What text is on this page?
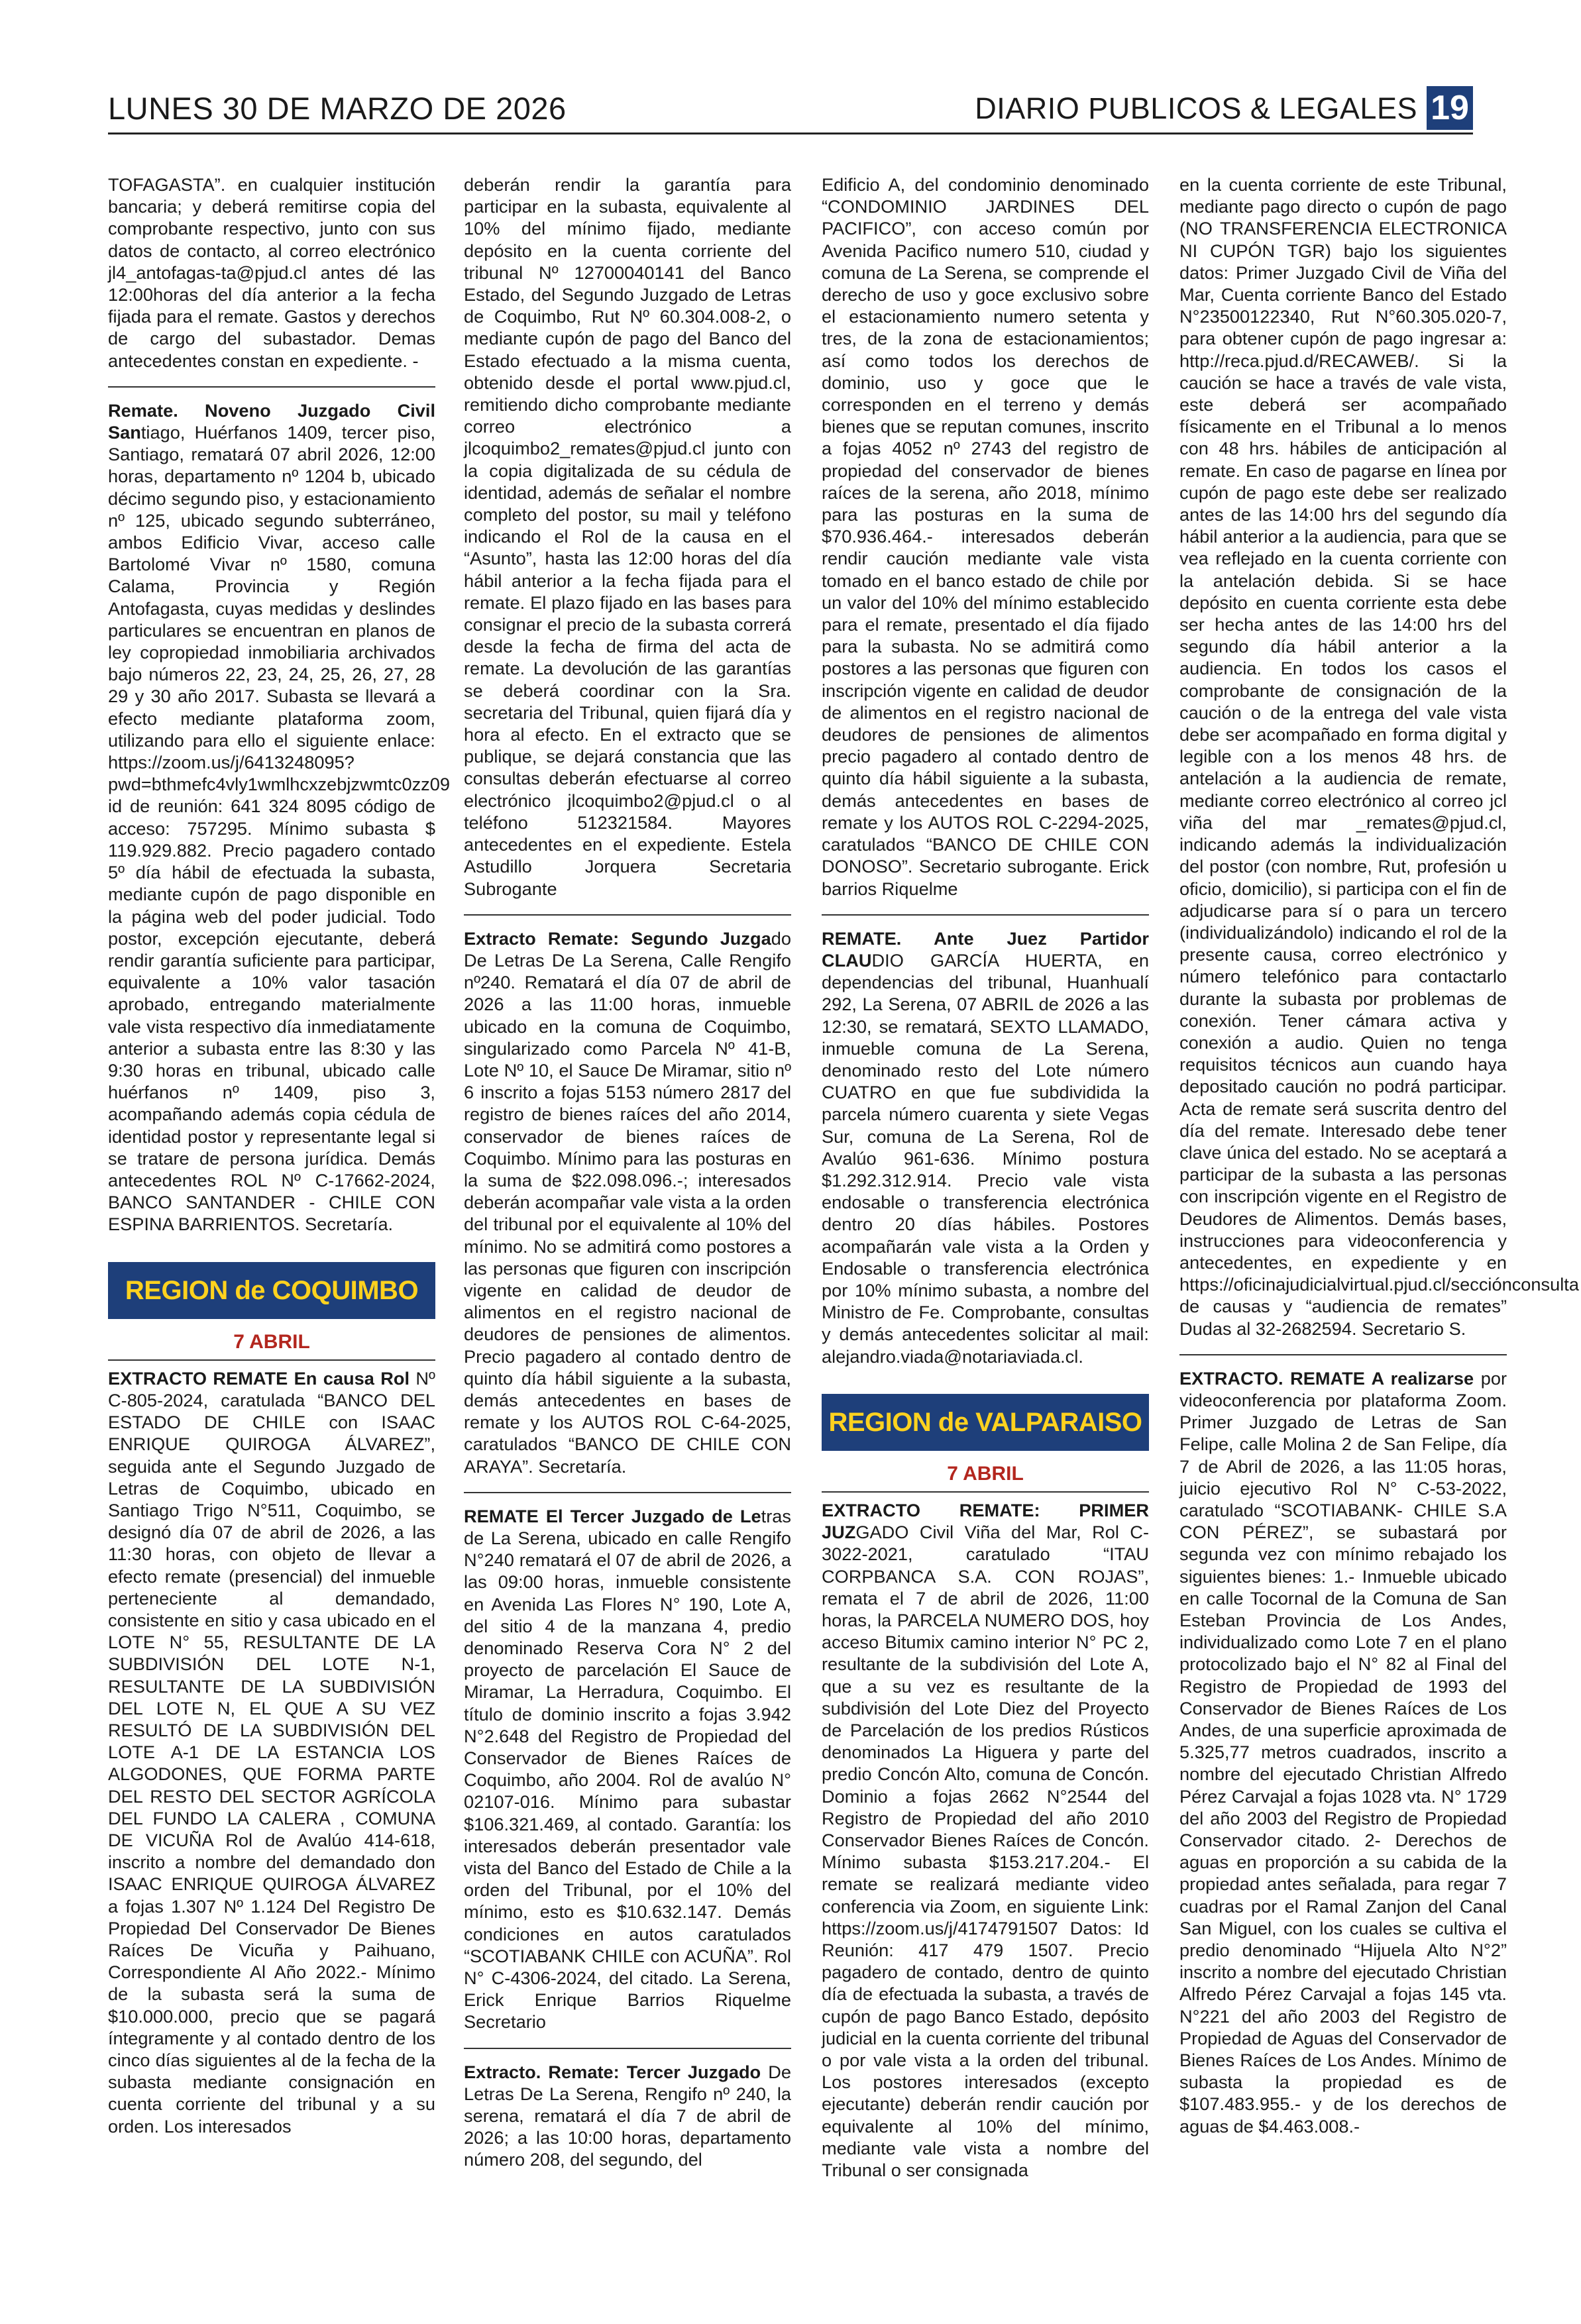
LUNES 30 DE MARZO DE 2026	DIARIO PUBLICOS & LEGALES 19

TOFAGASTA”. en cualquier institución bancaria; y deberá remitirse copia del comprobante respectivo, junto con sus datos de contacto, al correo electrónico jl4_antofagas-ta@pjud.cl antes dé las 12:00horas del día anterior a la fecha fijada para el remate. Gastos y derechos de cargo del subastador. Demas antecedentes constan en expediente. -

Remate. Noveno Juzgado Civil Santiago, Huérfanos 1409, tercer piso, Santiago, rematará 07 abril 2026, 12:00 horas, departamento nº 1204 b, ubicado décimo segundo piso, y estacionamiento nº 125, ubicado segundo subterráneo, ambos Edificio Vivar, acceso calle Bartolomé Vivar nº 1580, comuna Calama, Provincia y Región Antofagasta, cuyas medidas y deslindes particulares se encuentran en planos de ley copropiedad inmobiliaria archivados bajo números 22, 23, 24, 25, 26, 27, 28 29 y 30 año 2017. Subasta se llevará a efecto mediante plataforma zoom, utilizando para ello el siguiente enlace: https://zoom.us/j/6413248095?pwd=bthmefc4vly1wmlhcxzebjzwmtc0zz09 id de reunión: 641 324 8095 código de acceso: 757295. Mínimo subasta $ 119.929.882. Precio pagadero contado 5º día hábil de efectuada la subasta, mediante cupón de pago disponible en la página web del poder judicial. Todo postor, excepción ejecutante, deberá rendir garantía suficiente para participar, equivalente a 10% valor tasación aprobado, entregando materialmente vale vista respectivo día inmediatamente anterior a subasta entre las 8:30 y las 9:30 horas en tribunal, ubicado calle huérfanos nº 1409, piso 3, acompañando además copia cédula de identidad postor y representante legal si se tratare de persona jurídica. Demás antecedentes ROL Nº C-17662-2024, BANCO SANTANDER - CHILE CON ESPINA BARRIENTOS. Secretaría.

REGION de COQUIMBO
7 ABRIL

EXTRACTO REMATE En causa Rol Nº C-805-2024, caratulada “BANCO DEL ESTADO DE CHILE con ISAAC ENRIQUE QUIROGA ÁLVAREZ”, seguida ante el Segundo Juzgado de Letras de Coquimbo, ubicado en Santiago Trigo N°511, Coquimbo, se designó día 07 de abril de 2026, a las 11:30 horas, con objeto de llevar a efecto remate (presencial) del inmueble perteneciente al demandado, consistente en sitio y casa ubicado en el LOTE N° 55, RESULTANTE DE LA SUBDIVISIÓN DEL LOTE N-1, RESULTANTE DE LA SUBDIVISIÓN DEL LOTE N, EL QUE A SU VEZ RESULTÓ DE LA SUBDIVISIÓN DEL LOTE A-1 DE LA ESTANCIA LOS ALGODONES, QUE FORMA PARTE DEL RESTO DEL SECTOR AGRÍCOLA DEL FUNDO LA CALERA , COMUNA DE VICUÑA Rol de Avalúo 414-618, inscrito a nombre del demandado don ISAAC ENRIQUE QUIROGA ÁLVAREZ a fojas 1.307 Nº 1.124 Del Registro De Propiedad Del Conservador De Bienes Raíces De Vicuña y Paihuano, Correspondiente Al Año 2022.- Mínimo de la subasta será la suma de $10.000.000, precio que se pagará íntegramente y al contado dentro de los cinco días siguientes al de la fecha de la subasta mediante consignación en cuenta corriente del tribunal y a su orden. Los interesados

deberán rendir la garantía para participar en la subasta, equivalente al 10% del mínimo fijado, mediante depósito en la cuenta corriente del tribunal Nº 12700040141 del Banco Estado, del Segundo Juzgado de Letras de Coquimbo, Rut Nº 60.304.008-2, o mediante cupón de pago del Banco del Estado efectuado a la misma cuenta, obtenido desde el portal www.pjud.cl, remitiendo dicho comprobante mediante correo electrónico a jlcoquimbo2_remates@pjud.cl junto con la copia digitalizada de su cédula de identidad, además de señalar el nombre completo del postor, su mail y teléfono indicando el Rol de la causa en el “Asunto”, hasta las 12:00 horas del día hábil anterior a la fecha fijada para el remate. El plazo fijado en las bases para consignar el precio de la subasta correrá desde la fecha de firma del acta de remate. La devolución de las garantías se deberá coordinar con la Sra. secretaria del Tribunal, quien fijará día y hora al efecto. En el extracto que se publique, se dejará constancia que las consultas deberán efectuarse al correo electrónico jlcoquimbo2@pjud.cl o al teléfono 512321584. Mayores antecedentes en el expediente. Estela Astudillo Jorquera Secretaria Subrogante

Extracto Remate: Segundo Juzgado De Letras De La Serena, Calle Rengifo nº240. Rematará el día 07 de abril de 2026 a las 11:00 horas, inmueble ubicado en la comuna de Coquimbo, singularizado como Parcela Nº 41-B, Lote Nº 10, el Sauce De Miramar, sitio nº 6 inscrito a fojas 5153 número 2817 del registro de bienes raíces del año 2014, conservador de bienes raíces de Coquimbo. Mínimo para las posturas en la suma de $22.098.096.-; interesados deberán acompañar vale vista a la orden del tribunal por el equivalente al 10% del mínimo. No se admitirá como postores a las personas que figuren con inscripción vigente en calidad de deudor de alimentos en el registro nacional de deudores de pensiones de alimentos. Precio pagadero al contado dentro de quinto día hábil siguiente a la subasta, demás antecedentes en bases de remate y los AUTOS ROL C-64-2025, caratulados “BANCO DE CHILE CON ARAYA”. Secretaría.

REMATE El Tercer Juzgado de Letras de La Serena, ubicado en calle Rengifo N°240 rematará el 07 de abril de 2026, a las 09:00 horas, inmueble consistente en Avenida Las Flores N° 190, Lote A, del sitio 4 de la manzana 4, predio denominado Reserva Cora N° 2 del proyecto de parcelación El Sauce de Miramar, La Herradura, Coquimbo. El título de dominio inscrito a fojas 3.942 N°2.648 del Registro de Propiedad del Conservador de Bienes Raíces de Coquimbo, año 2004. Rol de avalúo N° 02107-016. Mínimo para subastar $106.321.469, al contado. Garantía: los interesados deberán presentador vale vista del Banco del Estado de Chile a la orden del Tribunal, por el 10% del mínimo, esto es $10.632.147. Demás condiciones en autos caratulados “SCOTIABANK CHILE con ACUÑA”. Rol N° C-4306-2024, del citado. La Serena, Erick Enrique Barrios Riquelme Secretario

Extracto. Remate: Tercer Juzgado De Letras De La Serena, Rengifo nº 240, la serena, rematará el día 7 de abril de 2026; a las 10:00 horas, departamento número 208, del segundo, del

Edificio A, del condominio denominado “CONDOMINIO JARDINES DEL PACIFICO”, con acceso común por Avenida Pacifico numero 510, ciudad y comuna de La Serena, se comprende el derecho de uso y goce exclusivo sobre el estacionamiento numero setenta y tres, de la zona de estacionamientos; así como todos los derechos de dominio, uso y goce que le corresponden en el terreno y demás bienes que se reputan comunes, inscrito a fojas 4052 nº 2743 del registro de propiedad del conservador de bienes raíces de la serena, año 2018, mínimo para las posturas en la suma de $70.936.464.- interesados deberán rendir caución mediante vale vista tomado en el banco estado de chile por un valor del 10% del mínimo establecido para el remate, presentado el día fijado para la subasta. No se admitirá como postores a las personas que figuren con inscripción vigente en calidad de deudor de alimentos en el registro nacional de deudores de pensiones de alimentos precio pagadero al contado dentro de quinto día hábil siguiente a la subasta, demás antecedentes en bases de remate y los AUTOS ROL C-2294-2025, caratulados “BANCO DE CHILE CON DONOSO”. Secretario subrogante. Erick barrios Riquelme

REMATE. Ante Juez Partidor CLAUDIO GARCÍA HUERTA, en dependencias del tribunal, Huanhualí 292, La Serena, 07 ABRIL de 2026 a las 12:30, se rematará, SEXTO LLAMADO, inmueble comuna de La Serena, denominado resto del Lote número CUATRO en que fue subdividida la parcela número cuarenta y siete Vegas Sur, comuna de La Serena, Rol de Avalúo 961-636. Mínimo postura $1.292.312.914. Precio vale vista endosable o transferencia electrónica dentro 20 días hábiles. Postores acompañarán vale vista a la Orden y Endosable o transferencia electrónica por 10% mínimo subasta, a nombre del Ministro de Fe. Comprobante, consultas y demás antecedentes solicitar al mail: alejandro.viada@notariaviada.cl.

REGION de VALPARAISO
7 ABRIL

EXTRACTO REMATE: PRIMER JUZGADO Civil Viña del Mar, Rol C-3022-2021, caratulado “ITAU CORPBANCA S.A. CON ROJAS”, remata el 7 de abril de 2026, 11:00 horas, la PARCELA NUMERO DOS, hoy acceso Bitumix camino interior N° PC 2, resultante de la subdivisión del Lote A, que a su vez es resultante de la subdivisión del Lote Diez del Proyecto de Parcelación de los predios Rústicos denominados La Higuera y parte del predio Concón Alto, comuna de Concón. Dominio a fojas 2662 N°2544 del Registro de Propiedad del año 2010 Conservador Bienes Raíces de Concón. Mínimo subasta $153.217.204.- El remate se realizará mediante video conferencia via Zoom, en siguiente Link: https://zoom.us/j/4174791507 Datos: Id Reunión: 417 479 1507. Precio pagadero de contado, dentro de quinto día de efectuada la subasta, a través de cupón de pago Banco Estado, depósito judicial en la cuenta corriente del tribunal o por vale vista a la orden del tribunal. Los postores interesados (excepto ejecutante) deberán rendir caución por equivalente al 10% del mínimo, mediante vale vista a nombre del Tribunal o ser consignada

en la cuenta corriente de este Tribunal, mediante pago directo o cupón de pago (NO TRANSFERENCIA ELECTRONICA NI CUPÓN TGR) bajo los siguientes datos: Primer Juzgado Civil de Viña del Mar, Cuenta corriente Banco del Estado N°23500122340, Rut N°60.305.020-7, para obtener cupón de pago ingresar a: http://reca.pjud.d/RECAWEB/. Si la caución se hace a través de vale vista, este deberá ser acompañado físicamente en el Tribunal a lo menos con 48 hrs. hábiles de anticipación al remate. En caso de pagarse en línea por cupón de pago este debe ser realizado antes de las 14:00 hrs del segundo día hábil anterior a la audiencia, para que se vea reflejado en la cuenta corriente con la antelación debida. Si se hace depósito en cuenta corriente esta debe ser hecha antes de las 14:00 hrs del segundo día hábil anterior a la audiencia. En todos los casos el comprobante de consignación de la caución o de la entrega del vale vista debe ser acompañado en forma digital y legible con a los menos 48 hrs. de antelación a la audiencia de remate, mediante correo electrónico al correo jcl viña del mar _remates@pjud.cl, indicando además la individualización del postor (con nombre, Rut, profesión u oficio, domicilio), si participa con el fin de adjudicarse para sí o para un tercero (individualizándolo) indicando el rol de la presente causa, correo electrónico y número telefónico para contactarlo durante la subasta por problemas de conexión. Tener cámara activa y conexión a audio. Quien no tenga requisitos técnicos aun cuando haya depositado caución no podrá participar. Acta de remate será suscrita dentro del día del remate. Interesado debe tener clave única del estado. No se aceptará a participar de la subasta a las personas con inscripción vigente en el Registro de Deudores de Alimentos. Demás bases, instrucciones para videoconferencia y antecedentes, en expediente y en https://oficinajudicialvirtual.pjud.cl/secciónconsulta de causas y “audiencia de remates” Dudas al 32-2682594. Secretario S.

EXTRACTO. REMATE A realizarse por videoconferencia por plataforma Zoom. Primer Juzgado de Letras de San Felipe, calle Molina 2 de San Felipe, día 7 de Abril de 2026, a las 11:05 horas, juicio ejecutivo Rol N° C-53-2022, caratulado “SCOTIABANK- CHILE S.A CON PÉREZ”, se subastará por segunda vez con mínimo rebajado los siguientes bienes: 1.- Inmueble ubicado en calle Tocornal de la Comuna de San Esteban Provincia de Los Andes, individualizado como Lote 7 en el plano protocolizado bajo el N° 82 al Final del Registro de Propiedad de 1993 del Conservador de Bienes Raíces de Los Andes, de una superficie aproximada de 5.325,77 metros cuadrados, inscrito a nombre del ejecutado Christian Alfredo Pérez Carvajal a fojas 1028 vta. N° 1729 del año 2003 del Registro de Propiedad Conservador citado. 2- Derechos de aguas en proporción a su cabida de la propiedad antes señalada, para regar 7 cuadras por el Ramal Zanjon del Canal San Miguel, con los cuales se cultiva el predio denominado “Hijuela Alto N°2” inscrito a nombre del ejecutado Christian Alfredo Pérez Carvajal a fojas 145 vta. N°221 del año 2003 del Registro de Propiedad de Aguas del Conservador de Bienes Raíces de Los Andes. Mínimo de subasta la propiedad es de $107.483.955.- y de los derechos de aguas de $4.463.008.-
